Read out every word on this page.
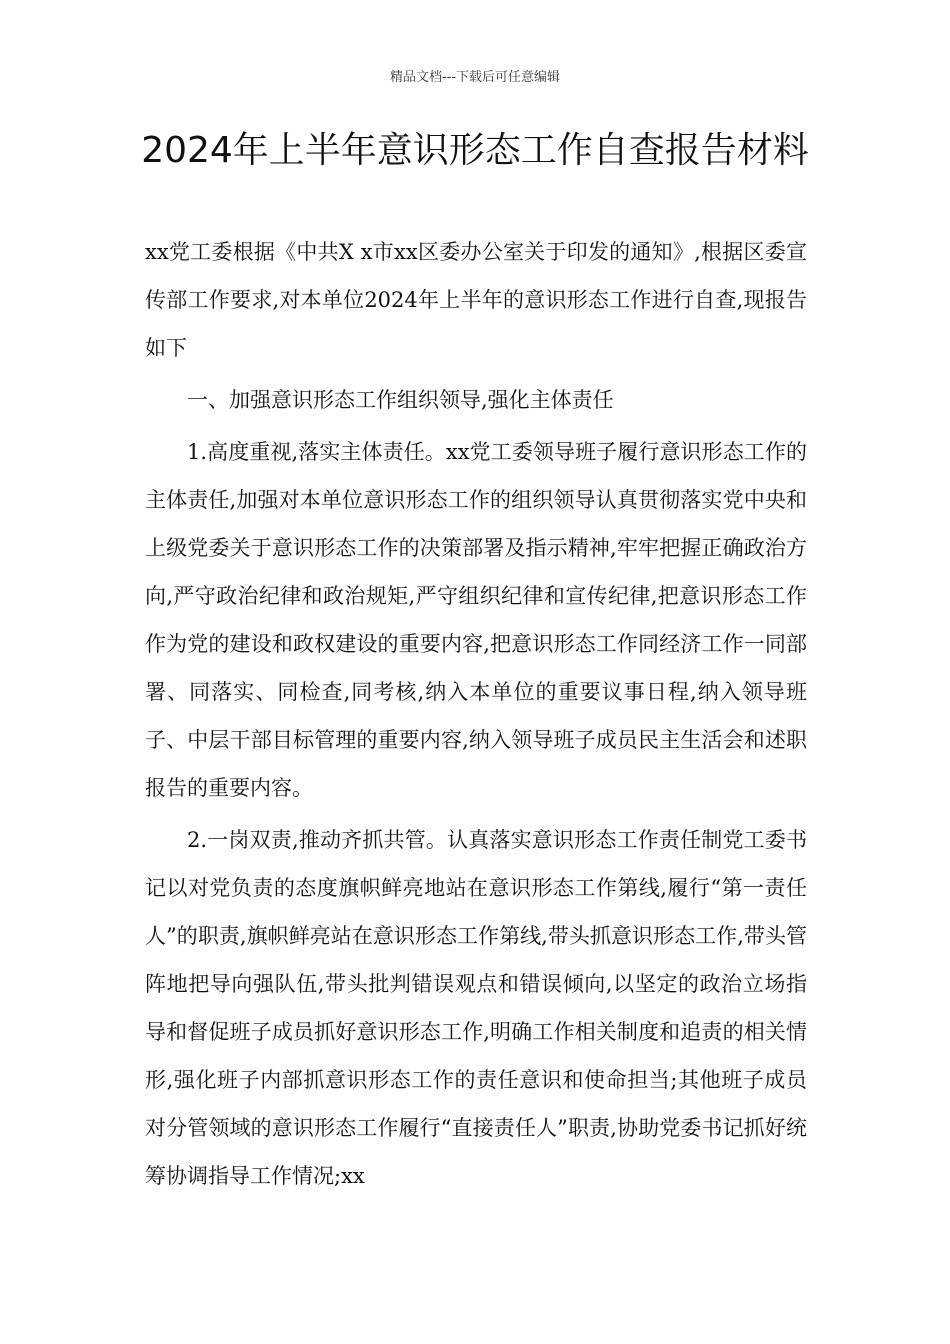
精品文档---下载后可任意编辑
2024年上半年意识形态工作自查报告材料

xx党工委根据《中共X x市xx区委办公室关于印发的通知》,根据区委宣传部工作要求,对本单位2024年上半年的意识形态工作进行自查,现报告如下

一、加强意识形态工作组织领导,强化主体责任

1.高度重视,落实主体责任。xx党工委领导班子履行意识形态工作的主体责任,加强对本单位意识形态工作的组织领导认真贯彻落实党中央和上级党委关于意识形态工作的决策部署及指示精神,牢牢把握正确政治方向,严守政治纪律和政治规矩,严守组织纪律和宣传纪律,把意识形态工作作为党的建设和政权建设的重要内容,把意识形态工作同经济工作一同部署、同落实、同检查,同考核,纳入本单位的重要议事日程,纳入领导班子、中层干部目标管理的重要内容,纳入领导班子成员民主生活会和述职报告的重要内容。

2.一岗双责,推动齐抓共管。认真落实意识形态工作责任制党工委书记以对党负责的态度旗帜鲜亮地站在意识形态工作第线,履行“第一责任人”的职责,旗帜鲜亮站在意识形态工作第线,带头抓意识形态工作,带头管阵地把导向强队伍,带头批判错误观点和错误倾向,以坚定的政治立场指导和督促班子成员抓好意识形态工作,明确工作相关制度和追责的相关情形,强化班子内部抓意识形态工作的责任意识和使命担当;其他班子成员对分管领域的意识形态工作履行“直接责任人”职责,协助党委书记抓好统筹协调指导工作情况;xx
